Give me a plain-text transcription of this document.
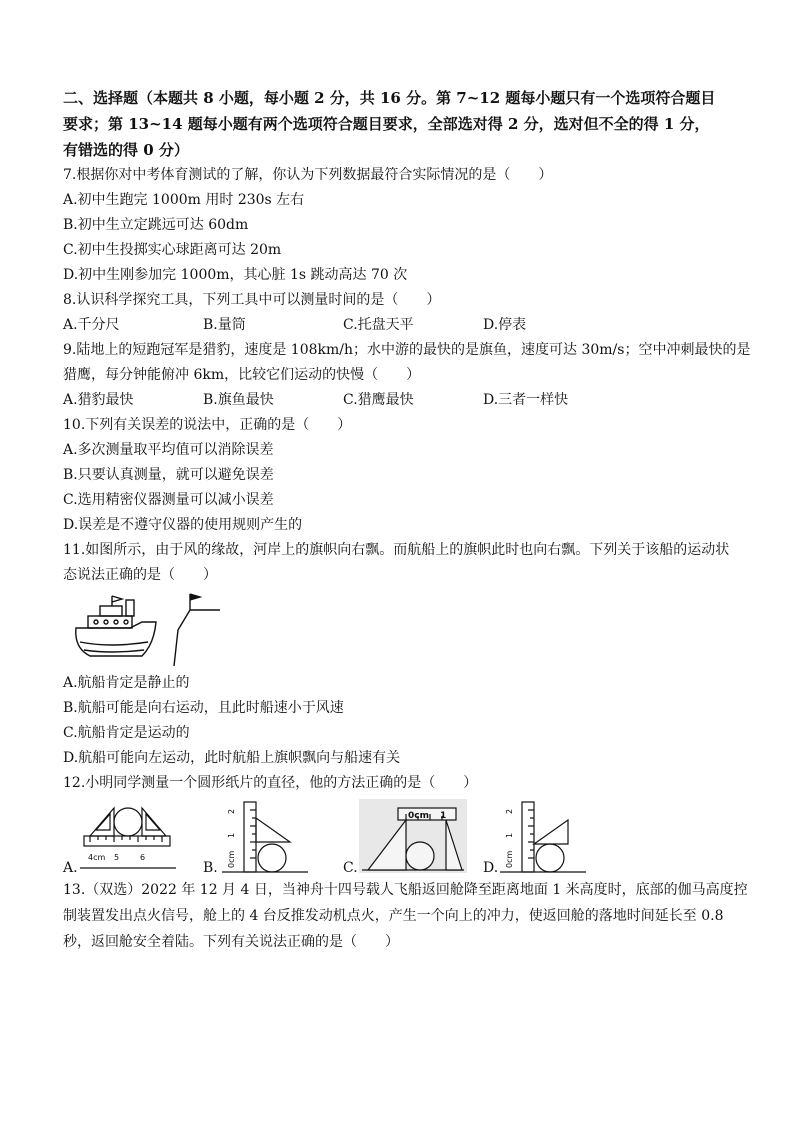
二、选择题（本题共 8 小题，每小题 2 分，共 16 分。第 7~12 题每小题只有一个选项符合题目
要求；第 13~14 题每小题有两个选项符合题目要求，全部选对得 2 分，选对但不全的得 1 分，
有错选的得 0 分）
7.根据你对中考体育测试的了解，你认为下列数据最符合实际情况的是（　　）
A.初中生跑完 1000m 用时 230s 左右
B.初中生立定跳远可达 60dm
C.初中生投掷实心球距离可达 20m
D.初中生刚参加完 1000m，其心脏 1s 跳动高达 70 次
8.认识科学探究工具，下列工具中可以测量时间的是（　　）
A.千分尺	B.量筒	C.托盘天平	D.停表
9.陆地上的短跑冠军是猎豹，速度是 108km/h；水中游的最快的是旗鱼，速度可达 30m/s；空中冲刺最快的是
猎鹰，每分钟能俯冲 6km，比较它们运动的快慢（　　）
A.猎豹最快	B.旗鱼最快	C.猎鹰最快	D.三者一样快
10.下列有关误差的说法中，正确的是（　　）
A.多次测量取平均值可以消除误差
B.只要认真测量，就可以避免误差
C.选用精密仪器测量可以减小误差
D.误差是不遵守仪器的使用规则产生的
11.如图所示，由于风的缘故，河岸上的旗帜向右飘。而航船上的旗帜此时也向右飘。下列关于该船的运动状
态说法正确的是（　　）
A.航船肯定是静止的
B.航船可能是向右运动，且此时船速小于风速
C.航船肯定是运动的
D.航船可能向左运动，此时航船上旗帜飘向与船速有关
12.小明同学测量一个圆形纸片的直径，他的方法正确的是（　　）
A.
4cm 5	6
B. 0cm
1
2
C.
0cm 1
D. 0cm
1
2
13.（双选）2022 年 12 月 4 日，当神舟十四号载人飞船返回舱降至距离地面 1 米高度时，底部的伽马高度控
制装置发出点火信号，舱上的 4 台反推发动机点火，产生一个向上的冲力，使返回舱的落地时间延长至 0.8
秒，返回舱安全着陆。下列有关说法正确的是（　　）
